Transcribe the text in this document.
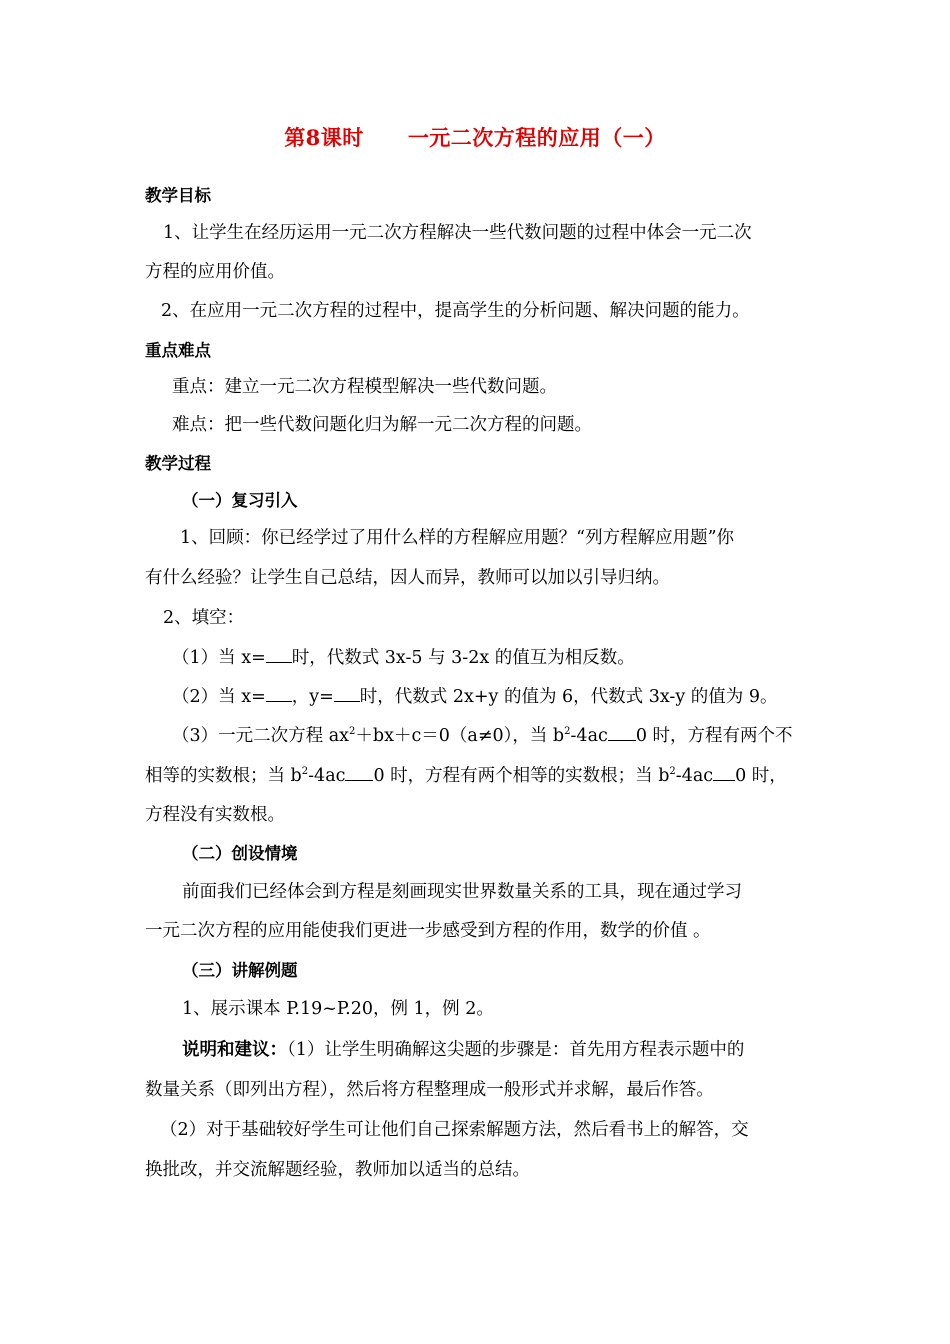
第8课时 一元二次方程的应用（一）
教学目标
1、让学生在经历运用一元二次方程解决一些代数问题的过程中体会一元二次
方程的应用价值。
2、在应用一元二次方程的过程中，提高学生的分析问题、解决问题的能力。
重点难点
重点：建立一元二次方程模型解决一些代数问题。
难点：把一些代数问题化归为解一元二次方程的问题。
教学过程
（一）复习引入
1、回顾：你已经学过了用什么样的方程解应用题？“列方程解应用题”你
有什么经验？让学生自己总结，因人而异，教师可以加以引导归纳。
2、填空：
（1）当 x= 时，代数式 3x-5 与 3-2x 的值互为相反数。
（2）当 x= ，y= 时，代数式 2x+y 的值为 6，代数式 3x-y 的值为 9。
（3）一元二次方程 $ax^2+bx+c=0(a\ne 0)$，当 $b^2-4ac$ 0 时，方程有两个不
相等的实数根；当 $b^2-4ac$ 0 时，方程有两个相等的实数根；当 $b^2-4ac$ 0 时，
方程没有实数根。
（二）创设情境
前面我们已经体会到方程是刻画现实世界数量关系的工具，现在通过学习
一元二次方程的应用能使我们更进一步感受到方程的作用，数学的价值 。
（三）讲解例题
1、展示课本 P.19~P.20，例 1，例 2。
说明和建议：（1）让学生明确解这尖题的步骤是：首先用方程表示题中的
数量关系（即列出方程），然后将方程整理成一般形式并求解，最后作答。
（2）对于基础较好学生可让他们自己探索解题方法，然后看书上的解答，交
换批改，并交流解题经验，教师加以适当的总结。
